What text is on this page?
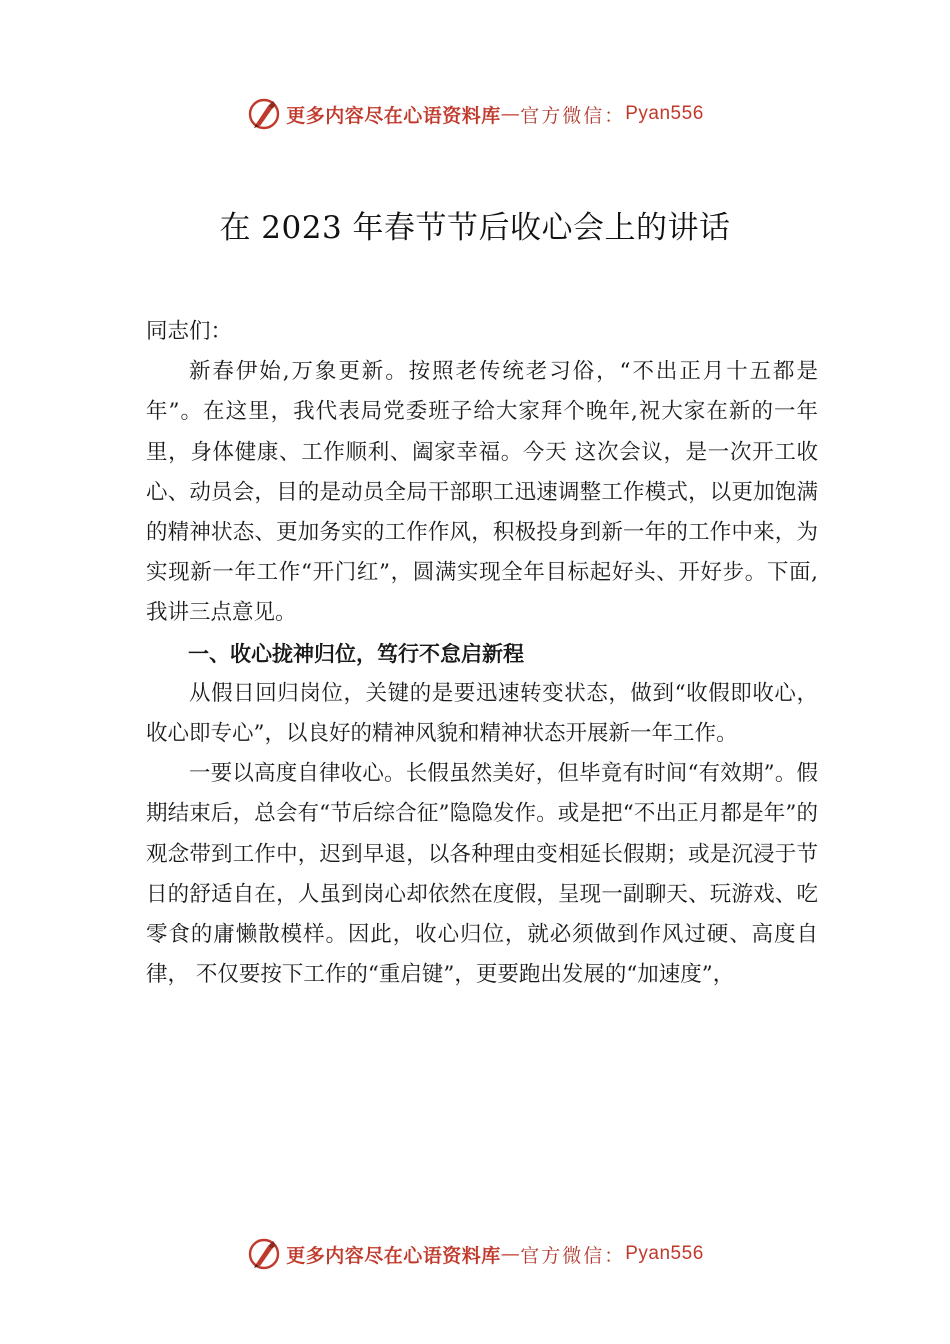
更多内容尽在心语资料库 — 官方微信： Pyan556
在 2023 年春节节后收心会上的讲话

同志们：

新春伊始,万象更新。按照老传统老习俗，“不出正月十五都是年”。在这里，我代表局党委班子给大家拜个晚年,祝大家在新的一年里，身体健康、工作顺利、阖家幸福。今天 这次会议，是一次开工收心、动员会，目的是动员全局干部职工迅速调整工作模式，以更加饱满的精神状态、更加务实的工作作风，积极投身到新一年的工作中来，为实现新一年工作“开门红”，圆满实现全年目标起好头、开好步。下面,我讲三点意见。

一、收心拢神归位，笃行不怠启新程

从假日回归岗位，关键的是要迅速转变状态，做到“收假即收心，收心即专心”，以良好的精神风貌和精神状态开展新一年工作。

一要以高度自律收心。长假虽然美好，但毕竟有时间“有效期”。假期结束后，总会有“节后综合征”隐隐发作。或是把“不出正月都是年”的观念带到工作中，迟到早退，以各种理由变相延长假期；或是沉浸于节日的舒适自在，人虽到岗心却依然在度假，呈现一副聊天、玩游戏、吃零食的庸懒散模样。因此，收心归位，就必须做到作风过硬、高度自律， 不仅要按下工作的“重启键”，更要跑出发展的“加速度”，

更多内容尽在心语资料库 — 官方微信： Pyan556
